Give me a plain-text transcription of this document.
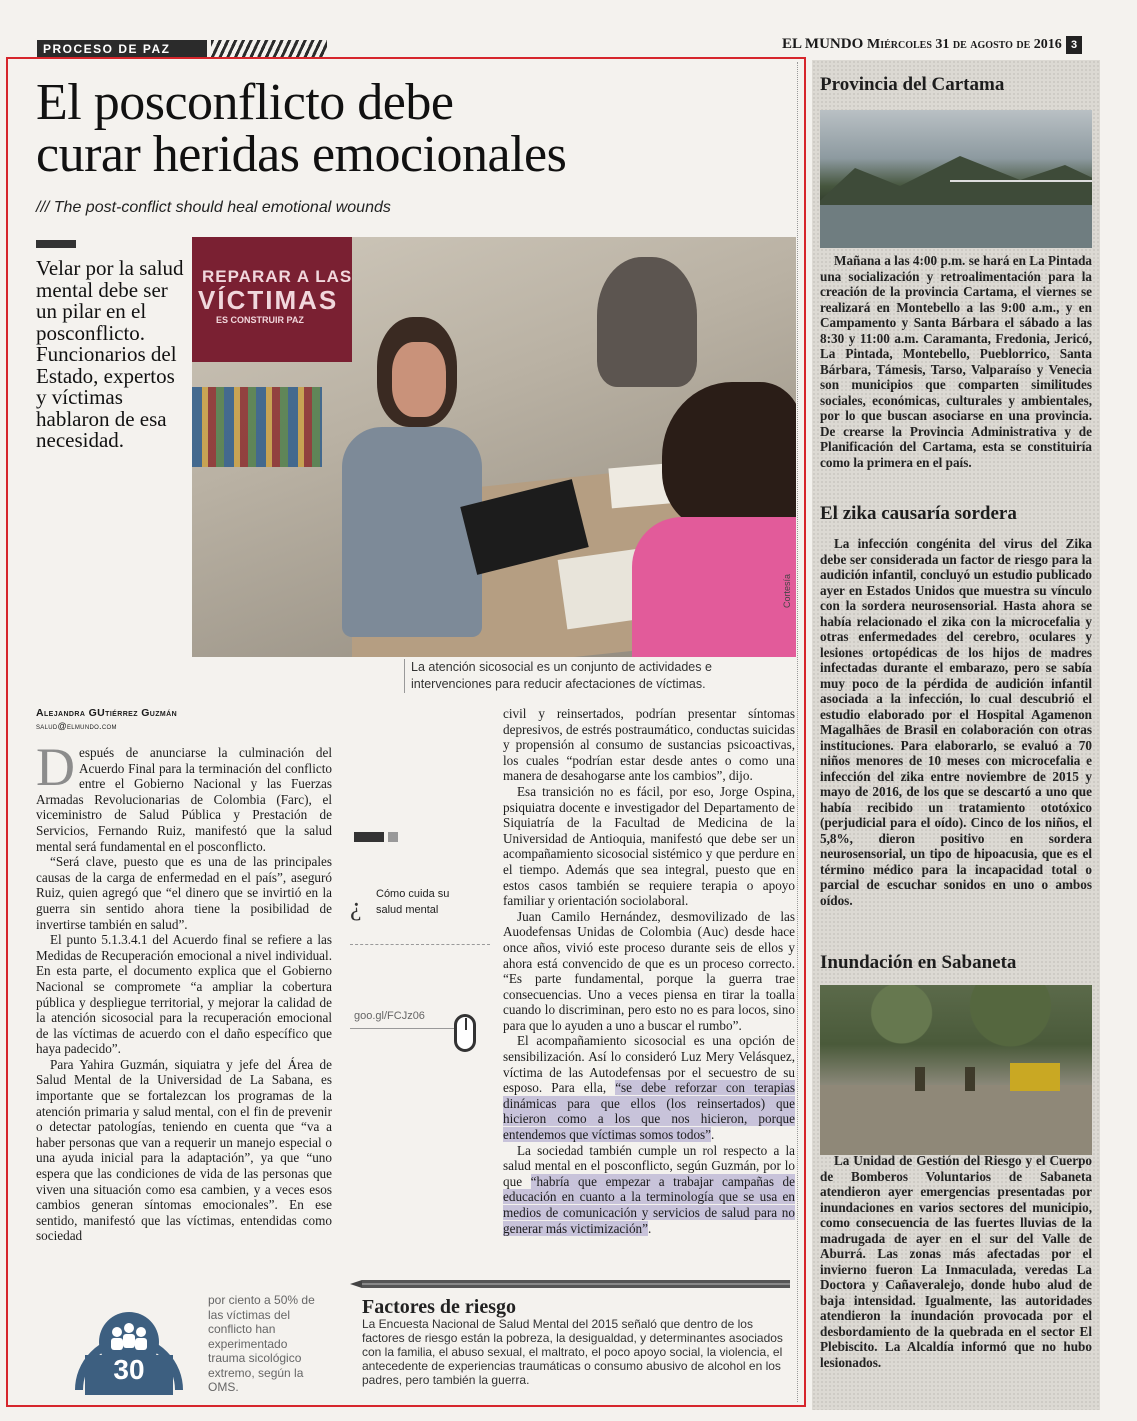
PROCESO DE PAZ	EL MUNDO Miércoles 31 de agosto de 2016 3
El posconflicto debe
curar heridas emocionales
/// The post-conflict should heal emotional wounds
Velar por la salud mental debe ser un pilar en el posconflicto. Funcionarios del Estado, expertos y víctimas hablaron de esa necesidad.
REPARAR A LAS
VÍCTIMAS
ES CONSTRUIR PAZ
Cortesía
La atención sicosocial es un conjunto de actividades e intervenciones para reducir afectaciones de víctimas.
Alejandra GUtiérrez Guzmán
salud@elmundo.com

Después de anunciarse la culminación del Acuerdo Final para la terminación del conflicto entre el Gobierno Nacional y las Fuerzas Armadas Revolucionarias de Colombia (Farc), el viceministro de Salud Pública y Prestación de Servicios, Fernando Ruiz, manifestó que la salud mental será fundamental en el posconflicto.

“Será clave, puesto que es una de las principales causas de la carga de enfermedad en el país”, aseguró Ruiz, quien agregó que “el dinero que se invirtió en la guerra sin sentido ahora tiene la posibilidad de invertirse también en salud”.

El punto 5.1.3.4.1 del Acuerdo final se refiere a las Medidas de Recuperación emocional a nivel individual. En esta parte, el documento explica que el Gobierno Nacional se compromete “a ampliar la cobertura pública y despliegue territorial, y mejorar la calidad de la atención sicosocial para la recuperación emocional de las víctimas de acuerdo con el daño específico que haya padecido”.

Para Yahira Guzmán, siquiatra y jefe del Área de Salud Mental de la Universidad de La Sabana, es importante que se fortalezcan los programas de la atención primaria y salud mental, con el fin de prevenir o detectar patologías, teniendo en cuenta que “va a haber personas que van a requerir un manejo especial o una ayuda inicial para la adaptación”, ya que “uno espera que las condiciones de vida de las personas que viven una situación como esa cambien, y a veces esos cambios generan síntomas emocionales”. En ese sentido, manifestó que las víctimas, entendidas como sociedad

¿ Cómo cuida su salud mental
goo.gl/FCJz06

civil y reinsertados, podrían presentar síntomas depresivos, de estrés postraumático, conductas suicidas y propensión al consumo de sustancias psicoactivas, los cuales “podrían estar desde antes o como una manera de desahogarse ante los cambios”, dijo.

Esa transición no es fácil, por eso, Jorge Ospina, psiquiatra docente e investigador del Departamento de Siquiatría de la Facultad de Medicina de la Universidad de Antioquia, manifestó que debe ser un acompañamiento sicosocial sistémico y que perdure en el tiempo. Además que sea integral, puesto que en estos casos también se requiere terapia o apoyo familiar y orientación sociolaboral.

Juan Camilo Hernández, desmovilizado de las Auodefensas Unidas de Colombia (Auc) desde hace once años, vivió este proceso durante seis de ellos y ahora está convencido de que es un proceso correcto. “Es parte fundamental, porque la guerra trae consecuencias. Uno a veces piensa en tirar la toalla cuando lo discriminan, pero esto no es para locos, sino para que lo ayuden a uno a buscar el rumbo”.

El acompañamiento sicosocial es una opción de sensibilización. Así lo consideró Luz Mery Velásquez, víctima de las Autodefensas por el secuestro de su esposo. Para ella, “se debe reforzar con terapias dinámicas para que ellos (los reinsertados) que hicieron como a los que nos hicieron, porque entendemos que víctimas somos todos”.

La sociedad también cumple un rol respecto a la salud mental en el posconflicto, según Guzmán, por lo que “habría que empezar a trabajar campañas de educación en cuanto a la terminología que se usa en medios de comunicación y servicios de salud para no generar más victimización”.

30
por ciento a 50% de las víctimas del conflicto han experimentado trauma sicológico extremo, según la OMS.
Factores de riesgo
La Encuesta Nacional de Salud Mental del 2015 señaló que dentro de los factores de riesgo están la pobreza, la desigualdad, y determinantes asociados con la familia, el abuso sexual, el maltrato, el poco apoyo social, la violencia, el antecedente de experiencias traumáticas o consumo abusivo de alcohol en los padres, pero también la guerra.
Provincia del Cartama

Mañana a las 4:00 p.m. se hará en La Pintada una socialización y retroalimentación para la creación de la provincia Cartama, el viernes se realizará en Montebello a las 9:00 a.m., y en Campamento y Santa Bárbara el sábado a las 8:30 y 11:00 a.m. Caramanta, Fredonia, Jericó, La Pintada, Montebello, Pueblorrico, Santa Bárbara, Támesis, Tarso, Valparaíso y Venecia son municipios que comparten similitudes sociales, económicas, culturales y ambientales, por lo que buscan asociarse en una provincia. De crearse la Provincia Administrativa y de Planificación del Cartama, esta se constituiría como la primera en el país.

El zika causaría sordera

La infección congénita del virus del Zika debe ser considerada un factor de riesgo para la audición infantil, concluyó un estudio publicado ayer en Estados Unidos que muestra su vínculo con la sordera neurosensorial. Hasta ahora se había relacionado el zika con la microcefalia y otras enfermedades del cerebro, oculares y lesiones ortopédicas de los hijos de madres infectadas durante el embarazo, pero se sabía muy poco de la pérdida de audición infantil asociada a la infección, lo cual descubrió el estudio elaborado por el Hospital Agamenon Magalhães de Brasil en colaboración con otras instituciones. Para elaborarlo, se evaluó a 70 niños menores de 10 meses con microcefalia e infección del zika entre noviembre de 2015 y mayo de 2016, de los que se descartó a uno que había recibido un tratamiento ototóxico (perjudicial para el oído). Cinco de los niños, el 5,8%, dieron positivo en sordera neurosensorial, un tipo de hipoacusia, que es el término médico para la incapacidad total o parcial de escuchar sonidos en uno o ambos oídos.

Inundación en Sabaneta

La Unidad de Gestión del Riesgo y el Cuerpo de Bomberos Voluntarios de Sabaneta atendieron ayer emergencias presentadas por inundaciones en varios sectores del municipio, como consecuencia de las fuertes lluvias de la madrugada de ayer en el sur del Valle de Aburrá. Las zonas más afectadas por el invierno fueron La Inmaculada, veredas La Doctora y Cañaveralejo, donde hubo alud de baja intensidad. Igualmente, las autoridades atendieron la inundación provocada por el desbordamiento de la quebrada en el sector El Plebiscito. La Alcaldía informó que no hubo lesionados.
